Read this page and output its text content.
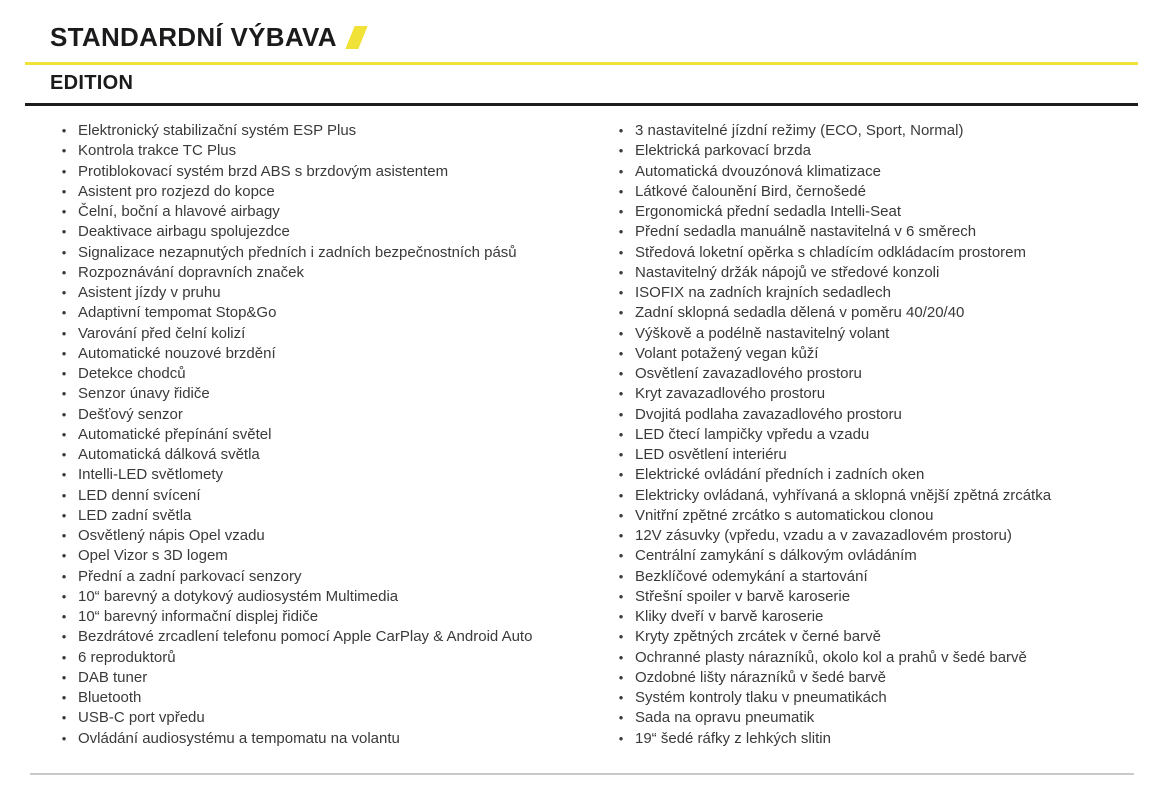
STANDARDNÍ VÝBAVA
EDITION
• Elektronický stabilizační systém ESP Plus
• Kontrola trakce TC Plus
• Protiblokovací systém brzd ABS s brzdovým asistentem
• Asistent pro rozjezd do kopce
• Čelní, boční a hlavové airbagy
• Deaktivace airbagu spolujezdce
• Signalizace nezapnutých předních i zadních bezpečnostních pásů
• Rozpoznávání dopravních značek
• Asistent jízdy v pruhu
• Adaptivní tempomat Stop&Go
• Varování před čelní kolizí
• Automatické nouzové brzdění
• Detekce chodců
• Senzor únavy řidiče
• Dešťový senzor
• Automatické přepínání světel
• Automatická dálková světla
• Intelli-LED světlomety
• LED denní svícení
• LED zadní světla
• Osvětlený nápis Opel vzadu
• Opel Vizor s 3D logem
• Přední a zadní parkovací senzory
• 10“ barevný a dotykový audiosystém Multimedia
• 10“ barevný informační displej řidiče
• Bezdrátové zrcadlení telefonu pomocí Apple CarPlay & Android Auto
• 6 reproduktorů
• DAB tuner
• Bluetooth
• USB-C port vpředu
• Ovládání audiosystému a tempomatu na volantu
• 3 nastavitelné jízdní režimy (ECO, Sport, Normal)
• Elektrická parkovací brzda
• Automatická dvouzónová klimatizace
• Látkové čalounění Bird, černošedé
• Ergonomická přední sedadla Intelli-Seat
• Přední sedadla manuálně nastavitelná v 6 směrech
• Středová loketní opěrka s chladícím odkládacím prostorem
• Nastavitelný držák nápojů ve středové konzoli
• ISOFIX na zadních krajních sedadlech
• Zadní sklopná sedadla dělená v poměru 40/20/40
• Výškově a podélně nastavitelný volant
• Volant potažený vegan kůží
• Osvětlení zavazadlového prostoru
• Kryt zavazadlového prostoru
• Dvojitá podlaha zavazadlového prostoru
• LED čtecí lampičky vpředu a vzadu
• LED osvětlení interiéru
• Elektrické ovládání předních i zadních oken
• Elektricky ovládaná, vyhřívaná a sklopná vnější zpětná zrcátka
• Vnitřní zpětné zrcátko s automatickou clonou
• 12V zásuvky (vpředu, vzadu a v zavazadlovém prostoru)
• Centrální zamykání s dálkovým ovládáním
• Bezklíčové odemykání a startování
• Střešní spoiler v barvě karoserie
• Kliky dveří v barvě karoserie
• Kryty zpětných zrcátek v černé barvě
• Ochranné plasty nárazníků, okolo kol a prahů v šedé barvě
• Ozdobné lišty nárazníků v šedé barvě
• Systém kontroly tlaku v pneumatikách
• Sada na opravu pneumatik
• 19“ šedé ráfky z lehkých slitin
